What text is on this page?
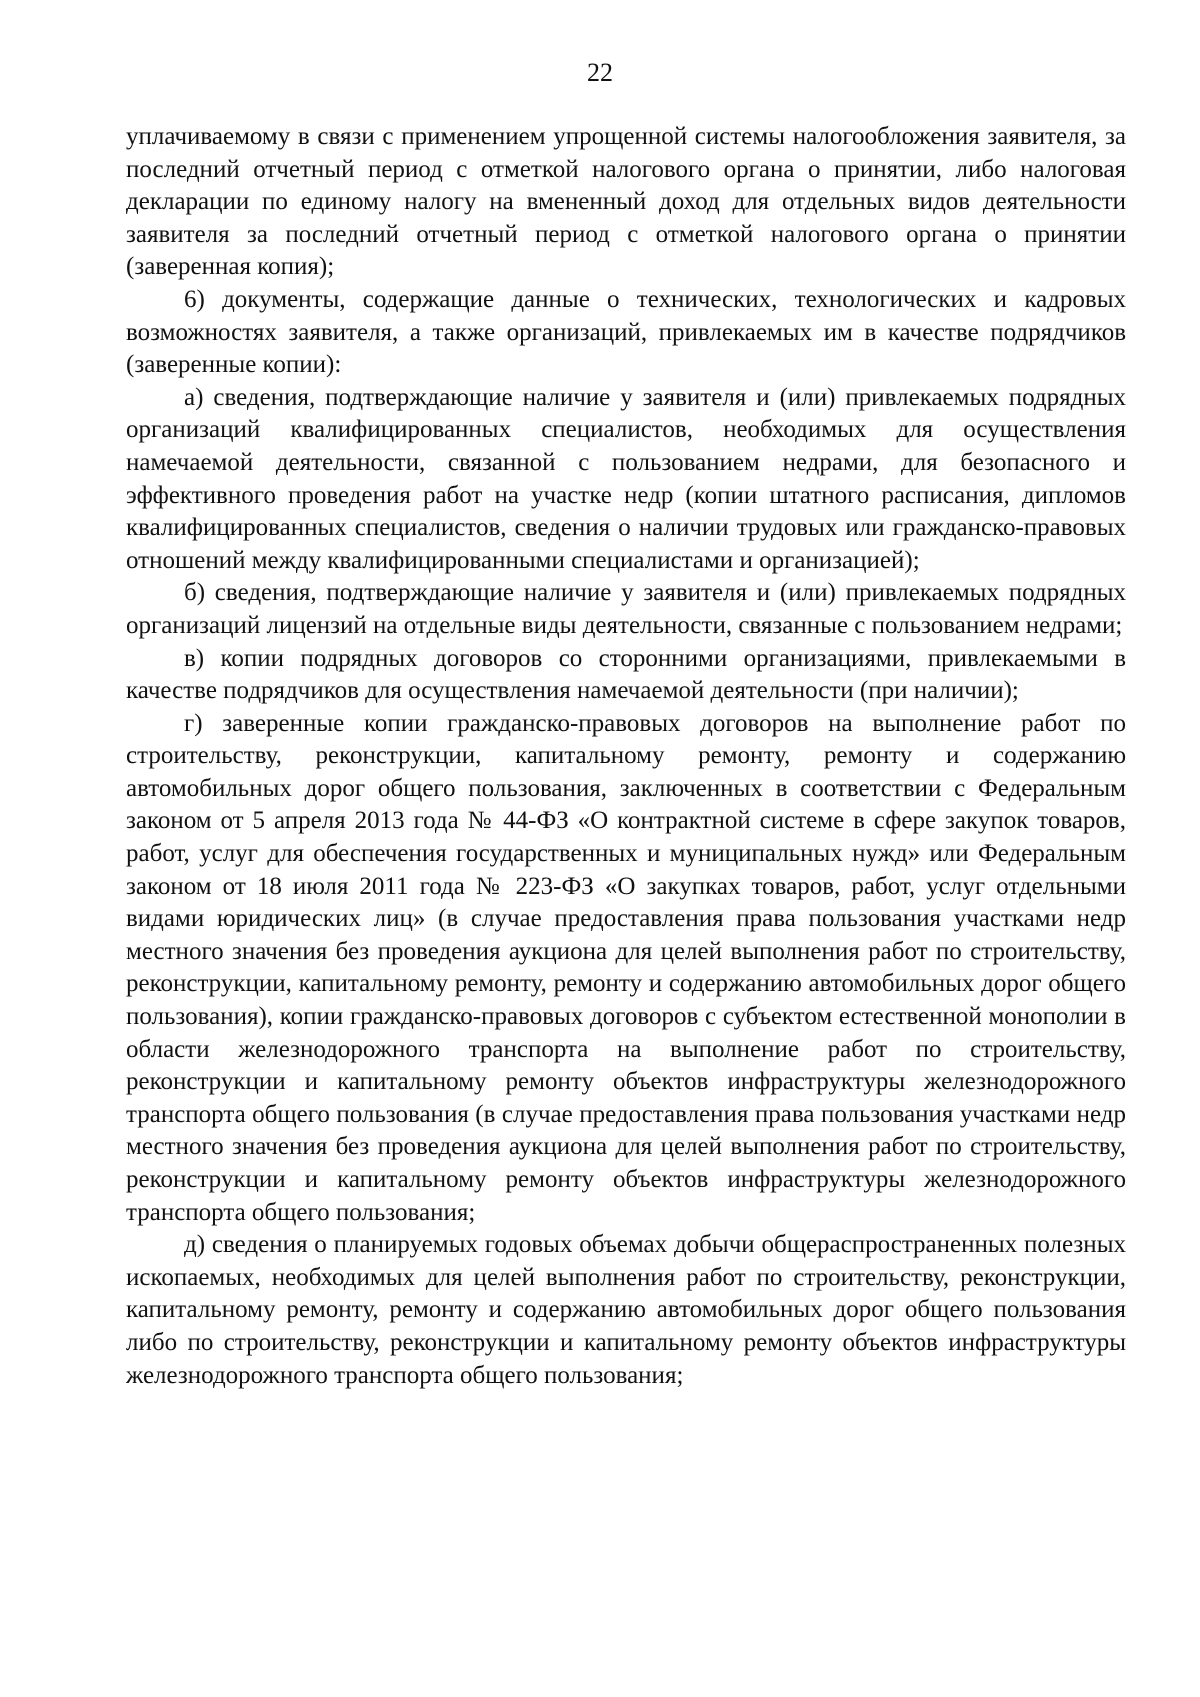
22

уплачиваемому в связи с применением упрощенной системы налогообложения заявителя, за последний отчетный период с отметкой налогового органа о принятии, либо налоговая декларации по единому налогу на вмененный доход для отдельных видов деятельности заявителя за последний отчетный период с отметкой налогового органа о принятии (заверенная копия);

6) документы, содержащие данные о технических, технологических и кадровых возможностях заявителя, а также организаций, привлекаемых им в качестве подрядчиков (заверенные копии):

а) сведения, подтверждающие наличие у заявителя и (или) привлекаемых подрядных организаций квалифицированных специалистов, необходимых для осуществления намечаемой деятельности, связанной с пользованием недрами, для безопасного и эффективного проведения работ на участке недр (копии штатного расписания, дипломов квалифицированных специалистов, сведения о наличии трудовых или гражданско-правовых отношений между квалифицированными специалистами и организацией);

б) сведения, подтверждающие наличие у заявителя и (или) привлекаемых подрядных организаций лицензий на отдельные виды деятельности, связанные с пользованием недрами;

в) копии подрядных договоров со сторонними организациями, привлекаемыми в качестве подрядчиков для осуществления намечаемой деятельности (при наличии);

г) заверенные копии гражданско-правовых договоров на выполнение работ по строительству, реконструкции, капитальному ремонту, ремонту и содержанию автомобильных дорог общего пользования, заключенных в соответствии с Федеральным законом от 5 апреля 2013 года № 44-ФЗ «О контрактной системе в сфере закупок товаров, работ, услуг для обеспечения государственных и муниципальных нужд» или Федеральным законом от 18 июля 2011 года № 223-ФЗ «О закупках товаров, работ, услуг отдельными видами юридических лиц» (в случае предоставления права пользования участками недр местного значения без проведения аукциона для целей выполнения работ по строительству, реконструкции, капитальному ремонту, ремонту и содержанию автомобильных дорог общего пользования), копии гражданско-правовых договоров с субъектом естественной монополии в области железнодорожного транспорта на выполнение работ по строительству, реконструкции и капитальному ремонту объектов инфраструктуры железнодорожного транспорта общего пользования (в случае предоставления права пользования участками недр местного значения без проведения аукциона для целей выполнения работ по строительству, реконструкции и капитальному ремонту объектов инфраструктуры железнодорожного транспорта общего пользования;

д) сведения о планируемых годовых объемах добычи общераспространенных полезных ископаемых, необходимых для целей выполнения работ по строительству, реконструкции, капитальному ремонту, ремонту и содержанию автомобильных дорог общего пользования либо по строительству, реконструкции и капитальному ремонту объектов инфраструктуры железнодорожного транспорта общего пользования;
